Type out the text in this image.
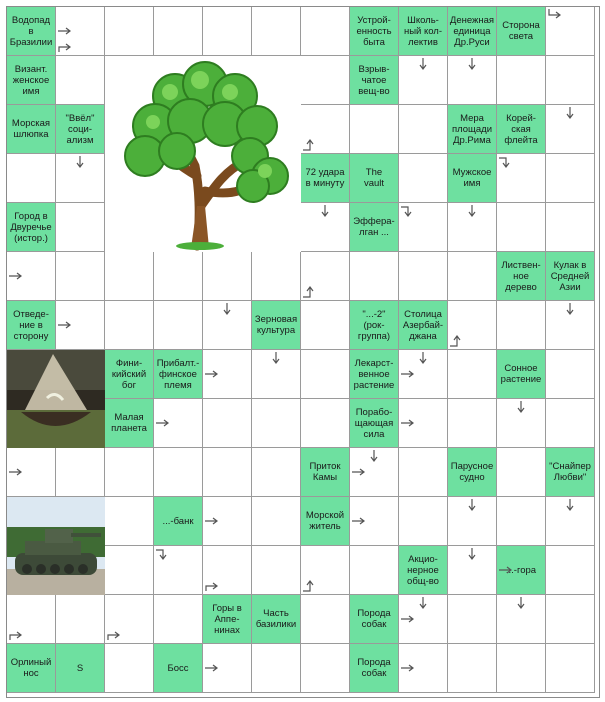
Водопад
в
Бразилии
Устрой-
енность
быта
Школь-
ный кол-
лектив
Денежная
единица
Др.Руси
Сторона
света
Визант.
женское
имя
Взрыв-
чатое
вещ-во
Морская
шлюпка
"Ввёл"
соци-
ализм
Мера
площади
Др.Рима
Корей-
ская
флейта
72 удара
в минуту
The
vault
Мужское
имя
Город в
Двуречье
(истор.)
Эффера-
лган ...
Листвен-
ное
дерево
Кулак в
Средней
Азии
Отведе-
ние в
сторону
Зерновая
культура
"...-2"
(рок-
группа)
Столица
Азербай-
джана
Фини-
кийский
бог
Прибалт.-
финское
племя
Лекарст-
венное
растение
Сонное
растение
Малая
планета
Порабо-
щающая
сила
Приток
Камы
Парусное
судно
"Снайпер
Любви"
...-банк	Морской
житель
Акцио-
нерное
общ-во
...-гора
Горы в
Аппе-
нинах
Часть
базилики
Порода
собак
Орлиный
нос	S	Босс	Порода
собак
